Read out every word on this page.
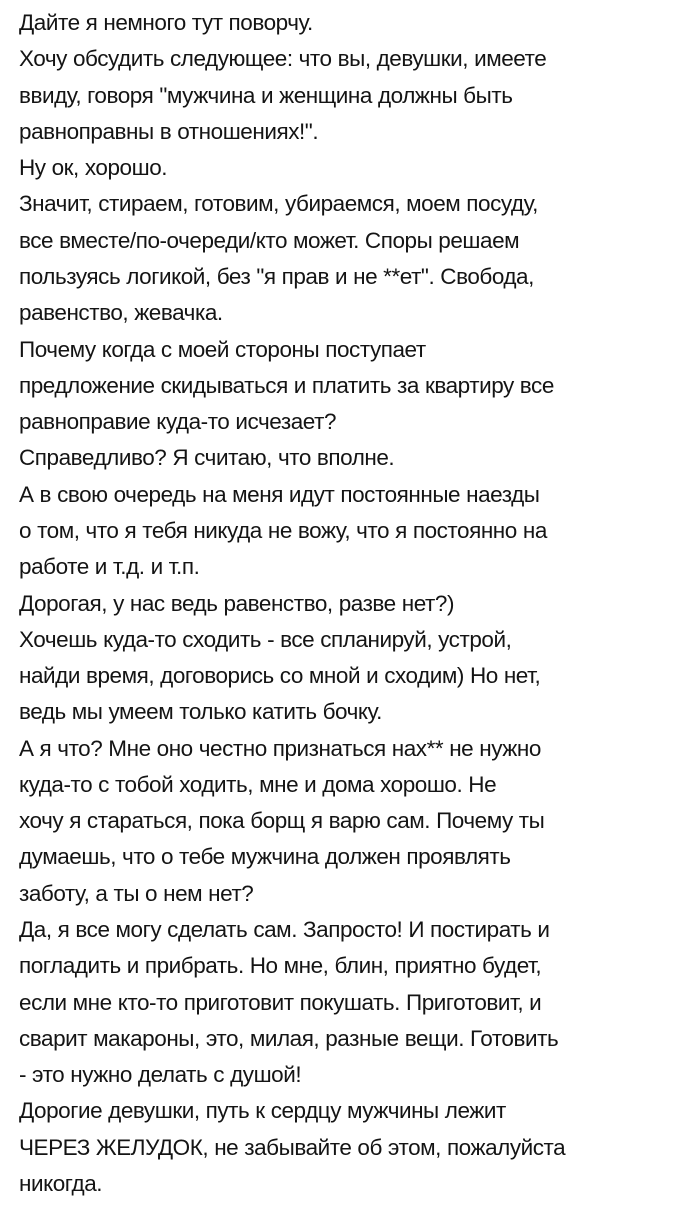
Дайте я немного тут поворчу.

Хочу обсудить следующее: что вы, девушки, имеете

ввиду, говоря "мужчина и женщина должны быть

равноправны в отношениях!".

Ну ок, хорошо.

Значит, стираем, готовим, убираемся, моем посуду,

все вместе/по-очереди/кто может. Споры решаем

пользуясь логикой, без "я прав и не **ет". Свобода,

равенство, жевачка.

Почему когда с моей стороны поступает

предложение скидываться и платить за квартиру все

равноправие куда-то исчезает?

Справедливо? Я считаю, что вполне.

А в свою очередь на меня идут постоянные наезды

о том, что я тебя никуда не вожу, что я постоянно на

работе и т.д. и т.п.

Дорогая, у нас ведь равенство, разве нет?)

Хочешь куда-то сходить - все спланируй, устрой,

найди время, договорись со мной и сходим) Но нет,

ведь мы умеем только катить бочку.

А я что? Мне оно честно признаться нах** не нужно

куда-то с тобой ходить, мне и дома хорошо. Не

хочу я стараться, пока борщ я варю сам. Почему ты

думаешь, что о тебе мужчина должен проявлять

заботу, а ты о нем нет?

Да, я все могу сделать сам. Запросто! И постирать и

погладить и прибрать. Но мне, блин, приятно будет,

если мне кто-то приготовит покушать. Приготовит, и

сварит макароны, это, милая, разные вещи. Готовить

- это нужно делать с душой!

Дорогие девушки, путь к сердцу мужчины лежит

ЧЕРЕЗ ЖЕЛУДОК, не забывайте об этом, пожалуйста

никогда.
